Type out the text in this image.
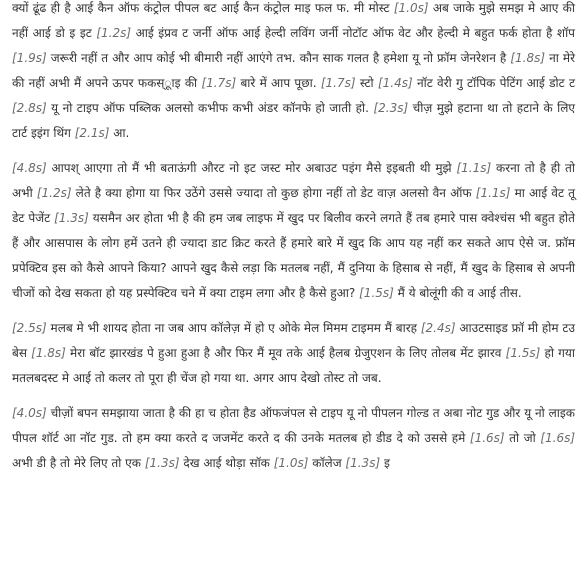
क्यों ढूंढ ही है आई कैन ऑफ कंट्रोल पीपल बट आई कैन कंट्रोल माइ फल फ. मी मोस्ट [1.0s] अब जाके मुझे समझ मे आए की नहीं आई डो इ इट [1.2s] आई इंप्रव ट जर्नी ऑफ आई हेल्दी लविंग जर्नी नोटॉट ऑफ वेट और हेल्दी मे बहुत फर्क होता है शॉप [1.9s] जरूरी नहीं त और आप कोई भी बीमारी नहीं आएंगे तभ. कौन साक गलत है हमेशा यू नो फ्रॉम जेनरेशन है [1.8s] ना मेरे की नहीं अभी मैं अपने ऊपर फकस्ूाइ की [1.7s] बारे में आप पूछा. [1.7s] स्टो [1.4s] नॉट वेरी गु टॉपिक पेटिंग आई डोट ट [2.8s] यू नो टाइप ऑफ पब्लिक अलसो कभीफ कभी अंडर कॉनफे हो जाती हो. [2.3s] चीज़ मुझे हटाना था तो हटाने के लिए टार्ट इइंग थिंग [2.1s] आ.

[4.8s] आपश् आएगा तो मैं भी बताऊंगी औरट नो इट जस्ट मोर अबाउट पइंग मैसे इइबती थी मुझे [1.1s] करना तो है ही तो अभी [1.2s] लेते है क्या होगा या फिर उठेंगे उससे ज्यादा तो कुछ होगा नहीं तो डेट वाज़ अलसो वैन ऑफ [1.1s] मा आई वेट तू डेट पेजेंट [1.3s] यसमैन अर होता भी है की हम जब लाइफ में खुद पर बिलीव करने लगते हैं तब हमारे पास क्वेश्चंस भी बहुत होते हैं और आसपास के लोग हमें उतने ही ज्यादा डाट क्रिट करते हैं हमारे बारे में खुद कि आप यह नहीं कर सकते आप ऐसे ज. फ्रॉम प्रपेक्टिव इस को कैसे आपने किया? आपने खुद कैसे लड़ा कि मतलब नहीं, मैं दुनिया के हिसाब से नहीं, मैं खुद के हिसाब से अपनी चीजों को देख सकता हो यह प्रस्पेक्टिव चने में क्या टाइम लगा और है कैसे हुआ? [1.5s] मैं ये बोलूंगी की व आई तीस.

[2.5s] मलब मे भी शायद होता ना जब आप कॉलेज़ में हो ए ओके मेल मिमम टाइमम मैं बारह [2.4s] आउटसाइड फ्रॉ मी होम टउ बेस [1.8s] मेरा बॉट झारखंड पे हुआ हुआ है और फिर मैं मूव तके आई हैलब ग्रेजुएशन के लिए तोलब मेंट झारव [1.5s] हो गया मतलबदस्ट मे आई तो कलर तो पूरा ही चेंज हो गया था. अगर आप देखो तोस्ट तो जब.

[4.0s] चीज़ों बपन समझाया जाता है की हा च होता हैड ऑफजंपल से टाइप यू नो पीपलन गोल्ड त अबा नोट गुड और यू नो लाइक पीपल शॉर्ट आ नॉट गुड. तो हम क्या करते द जजमेंट करते द की उनके मतलब हो डीड दे को उससे हमे [1.6s] तो जो [1.6s] अभी डी है तो मेरे लिए तो एक [1.3s] देख आई थोड़ा सॉक [1.0s] कॉलेज [1.3s] इ
